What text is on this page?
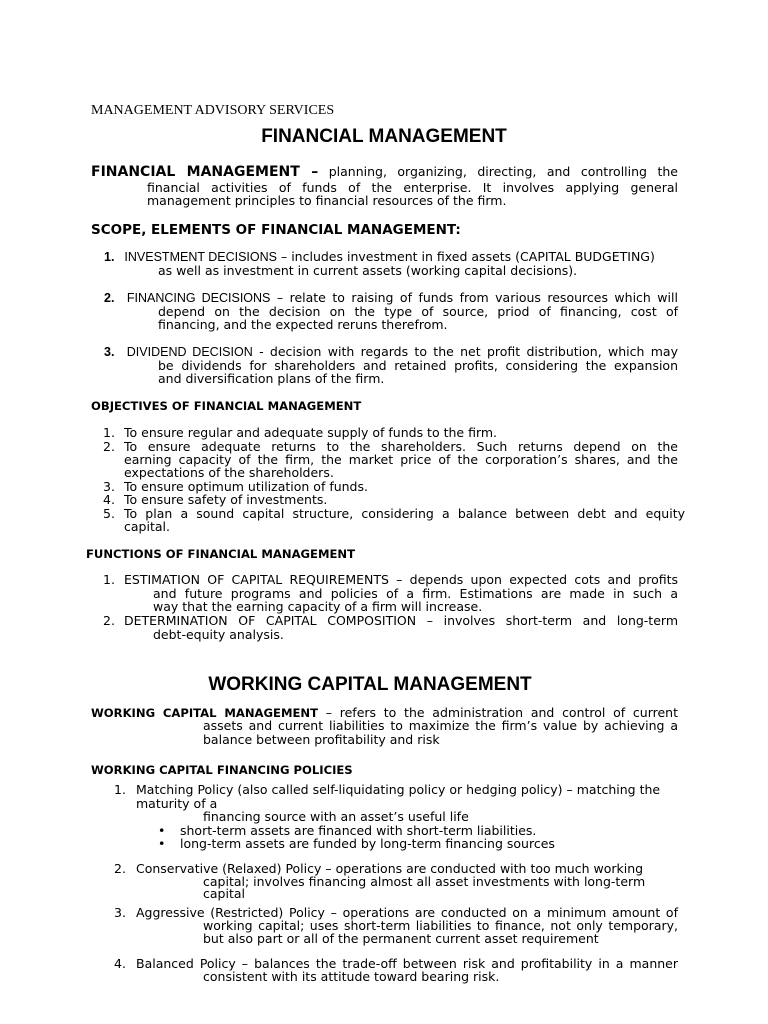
MANAGEMENT ADVISORY SERVICES
FINANCIAL MANAGEMENT
FINANCIAL MANAGEMENT – planning, organizing, directing, and controlling the
financial activities of funds of the enterprise. It involves applying general
management principles to financial resources of the firm.
SCOPE, ELEMENTS OF FINANCIAL MANAGEMENT:
1. INVESTMENT DECISIONS – includes investment in fixed assets (CAPITAL BUDGETING)
as well as investment in current assets (working capital decisions).
2. FINANCING DECISIONS – relate to raising of funds from various resources which will
depend on the decision on the type of source, priod of financing, cost of
financing, and the expected reruns therefrom.
3. DIVIDEND DECISION - decision with regards to the net profit distribution, which may
be dividends for shareholders and retained profits, considering the expansion
and diversification plans of the firm.
OBJECTIVES OF FINANCIAL MANAGEMENT
1. To ensure regular and adequate supply of funds to the firm.
2. To ensure adequate returns to the shareholders. Such returns depend on the
earning capacity of the firm, the market price of the corporation’s shares, and the
expectations of the shareholders.
3. To ensure optimum utilization of funds.
4. To ensure safety of investments.
5. To plan a sound capital structure, considering a balance between debt and equity
capital.
FUNCTIONS OF FINANCIAL MANAGEMENT
1. ESTIMATION OF CAPITAL REQUIREMENTS – depends upon expected cots and profits
and future programs and policies of a firm. Estimations are made in such a
way that the earning capacity of a firm will increase.
2. DETERMINATION OF CAPITAL COMPOSITION – involves short-term and long-term
debt-equity analysis.
WORKING CAPITAL MANAGEMENT
WORKING CAPITAL MANAGEMENT – refers to the administration and control of current
assets and current liabilities to maximize the firm’s value by achieving a
balance between profitability and risk
WORKING CAPITAL FINANCING POLICIES
1. Matching Policy (also called self-liquidating policy or hedging policy) – matching the
maturity of a
financing source with an asset’s useful life
• short-term assets are financed with short-term liabilities.
• long-term assets are funded by long-term financing sources
2. Conservative (Relaxed) Policy – operations are conducted with too much working
capital; involves financing almost all asset investments with long-term
capital
3. Aggressive (Restricted) Policy – operations are conducted on a minimum amount of
working capital; uses short-term liabilities to finance, not only temporary,
but also part or all of the permanent current asset requirement
4. Balanced Policy – balances the trade-off between risk and profitability in a manner
consistent with its attitude toward bearing risk.
